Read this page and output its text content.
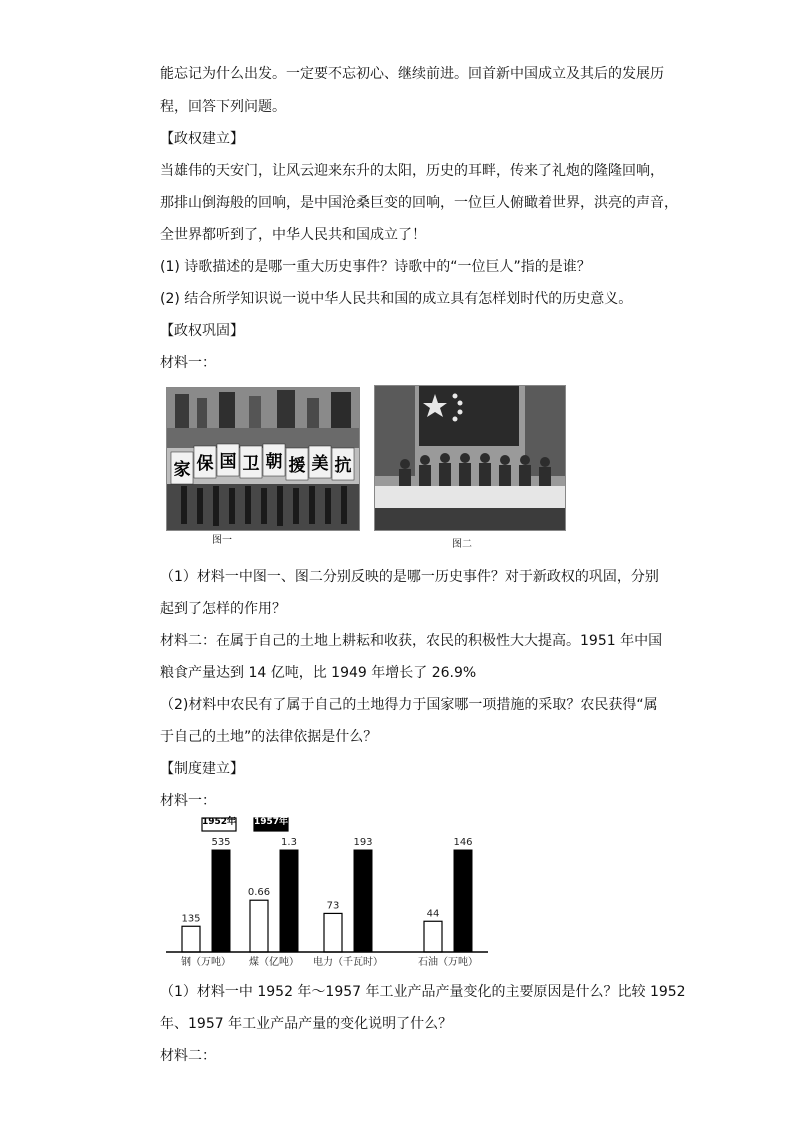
能忘记为什么出发。一定要不忘初心、继续前进。回首新中国成立及其后的发展历
程，回答下列问题。
【政权建立】
当雄伟的天安门，让风云迎来东升的太阳，历史的耳畔，传来了礼炮的隆隆回响，
那排山倒海般的回响，是中国沧桑巨变的回响，一位巨人俯瞰着世界，洪亮的声音，
全世界都听到了，中华人民共和国成立了！
(1) 诗歌描述的是哪一重大历史事件？诗歌中的“一位巨人”指的是谁？
(2) 结合所学知识说一说中华人民共和国的成立具有怎样划时代的历史意义。
【政权巩固】
材料一：
家 保 国 卫 朝 援 美 抗
图一	图二
（1）材料一中图一、图二分别反映的是哪一历史事件？对于新政权的巩固，分别
起到了怎样的作用？
材料二：在属于自己的土地上耕耘和收获，农民的积极性大大提高。1951 年中国
粮食产量达到 14 亿吨，比 1949 年增长了 26.9%
（2)材料中农民有了属于自己的土地得力于国家哪一项措施的采取？农民获得“属
于自己的土地”的法律依据是什么？
【制度建立】
材料一：
1952年 1957年
135
535
钢（万吨）
0.66
1.3
煤（亿吨）
73
193
电力（千瓦时）
44
146
石油（万吨）
（1）材料一中 1952 年～1957 年工业产品产量变化的主要原因是什么？比较 1952
年、1957 年工业产品产量的变化说明了什么？
材料二：
